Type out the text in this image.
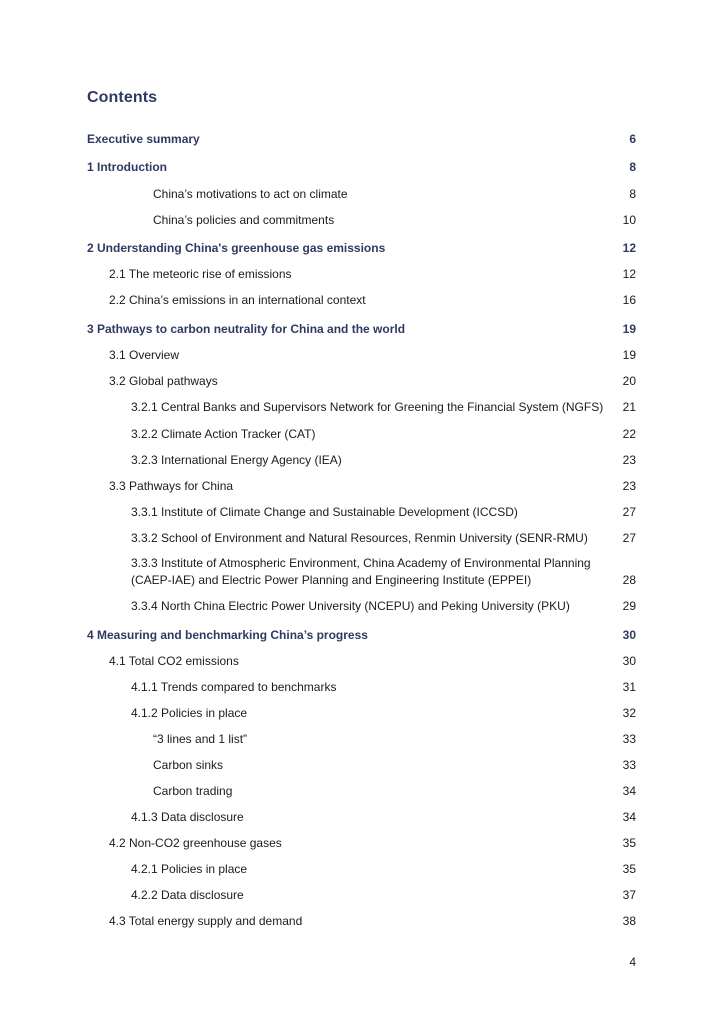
Contents
Executive summary	6
1 Introduction	8
China’s motivations to act on climate	8
China’s policies and commitments	10
2 Understanding China's greenhouse gas emissions	12
2.1 The meteoric rise of emissions	12
2.2 China’s emissions in an international context	16
3 Pathways to carbon neutrality for China and the world	19
3.1 Overview	19
3.2 Global pathways	20
3.2.1 Central Banks and Supervisors Network for Greening the Financial System (NGFS)	21
3.2.2 Climate Action Tracker (CAT)	22
3.2.3 International Energy Agency (IEA)	23
3.3 Pathways for China	23
3.3.1 Institute of Climate Change and Sustainable Development (ICCSD)	27
3.3.2 School of Environment and Natural Resources, Renmin University (SENR-RMU)	27
3.3.3 Institute of Atmospheric Environment, China Academy of Environmental Planning (CAEP-IAE) and Electric Power Planning and Engineering Institute (EPPEI)	28
3.3.4 North China Electric Power University (NCEPU) and Peking University (PKU)	29
4 Measuring and benchmarking China’s progress	30
4.1 Total CO2 emissions	30
4.1.1 Trends compared to benchmarks	31
4.1.2 Policies in place	32
“3 lines and 1 list”	33
Carbon sinks	33
Carbon trading	34
4.1.3 Data disclosure	34
4.2 Non-CO2 greenhouse gases	35
4.2.1 Policies in place	35
4.2.2 Data disclosure	37
4.3 Total energy supply and demand	38
4
